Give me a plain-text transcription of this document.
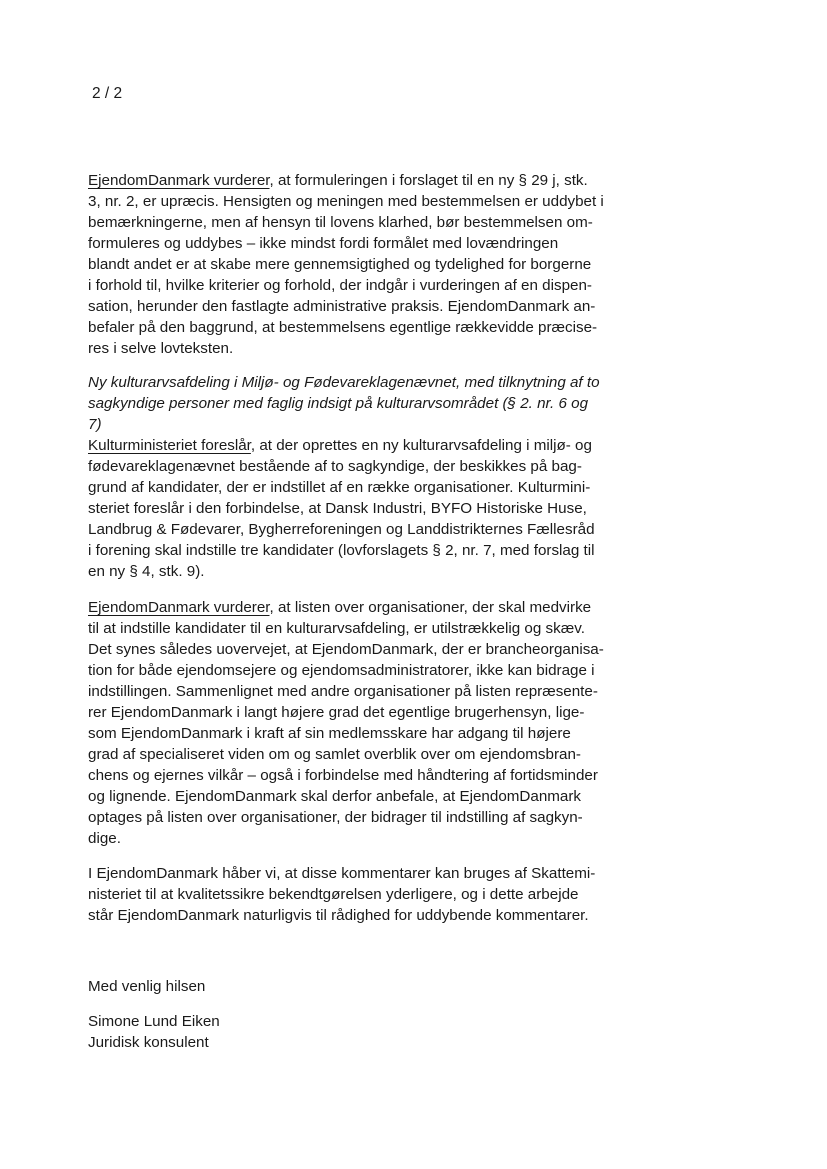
2 / 2
EjendomDanmark vurderer, at formuleringen i forslaget til en ny § 29 j, stk.
3, nr. 2, er upræcis. Hensigten og meningen med bestemmelsen er uddybet i
bemærkningerne, men af hensyn til lovens klarhed, bør bestemmelsen om-
formuleres og uddybes – ikke mindst fordi formålet med lovændringen
blandt andet er at skabe mere gennemsigtighed og tydelighed for borgerne
i forhold til, hvilke kriterier og forhold, der indgår i vurderingen af en dispen-
sation, herunder den fastlagte administrative praksis. EjendomDanmark an-
befaler på den baggrund, at bestemmelsens egentlige rækkevidde præcise-
res i selve lovteksten.
Ny kulturarvsafdeling i Miljø- og Fødevareklagenævnet, med tilknytning af to
sagkyndige personer med faglig indsigt på kulturarvsområdet (§ 2. nr. 6 og
7)
Kulturministeriet foreslår, at der oprettes en ny kulturarvsafdeling i miljø- og
fødevareklagenævnet bestående af to sagkyndige, der beskikkes på bag-
grund af kandidater, der er indstillet af en række organisationer. Kulturmini-
steriet foreslår i den forbindelse, at Dansk Industri, BYFO Historiske Huse,
Landbrug & Fødevarer, Bygherreforeningen og Landdistrikternes Fællesråd
i forening skal indstille tre kandidater (lovforslagets § 2, nr. 7, med forslag til
en ny § 4, stk. 9).
EjendomDanmark vurderer, at listen over organisationer, der skal medvirke
til at indstille kandidater til en kulturarvsafdeling, er utilstrækkelig og skæv.
Det synes således uovervejet, at EjendomDanmark, der er brancheorganisa-
tion for både ejendomsejere og ejendomsadministratorer, ikke kan bidrage i
indstillingen. Sammenlignet med andre organisationer på listen repræsente-
rer EjendomDanmark i langt højere grad det egentlige brugerhensyn, lige-
som EjendomDanmark i kraft af sin medlemsskare har adgang til højere
grad af specialiseret viden om og samlet overblik over om ejendomsbran-
chens og ejernes vilkår – også i forbindelse med håndtering af fortidsminder
og lignende. EjendomDanmark skal derfor anbefale, at EjendomDanmark
optages på listen over organisationer, der bidrager til indstilling af sagkyn-
dige.
I EjendomDanmark håber vi, at disse kommentarer kan bruges af Skattemi-
nisteriet til at kvalitetssikre bekendtgørelsen yderligere, og i dette arbejde
står EjendomDanmark naturligvis til rådighed for uddybende kommentarer.
Med venlig hilsen
Simone Lund Eiken
Juridisk konsulent
